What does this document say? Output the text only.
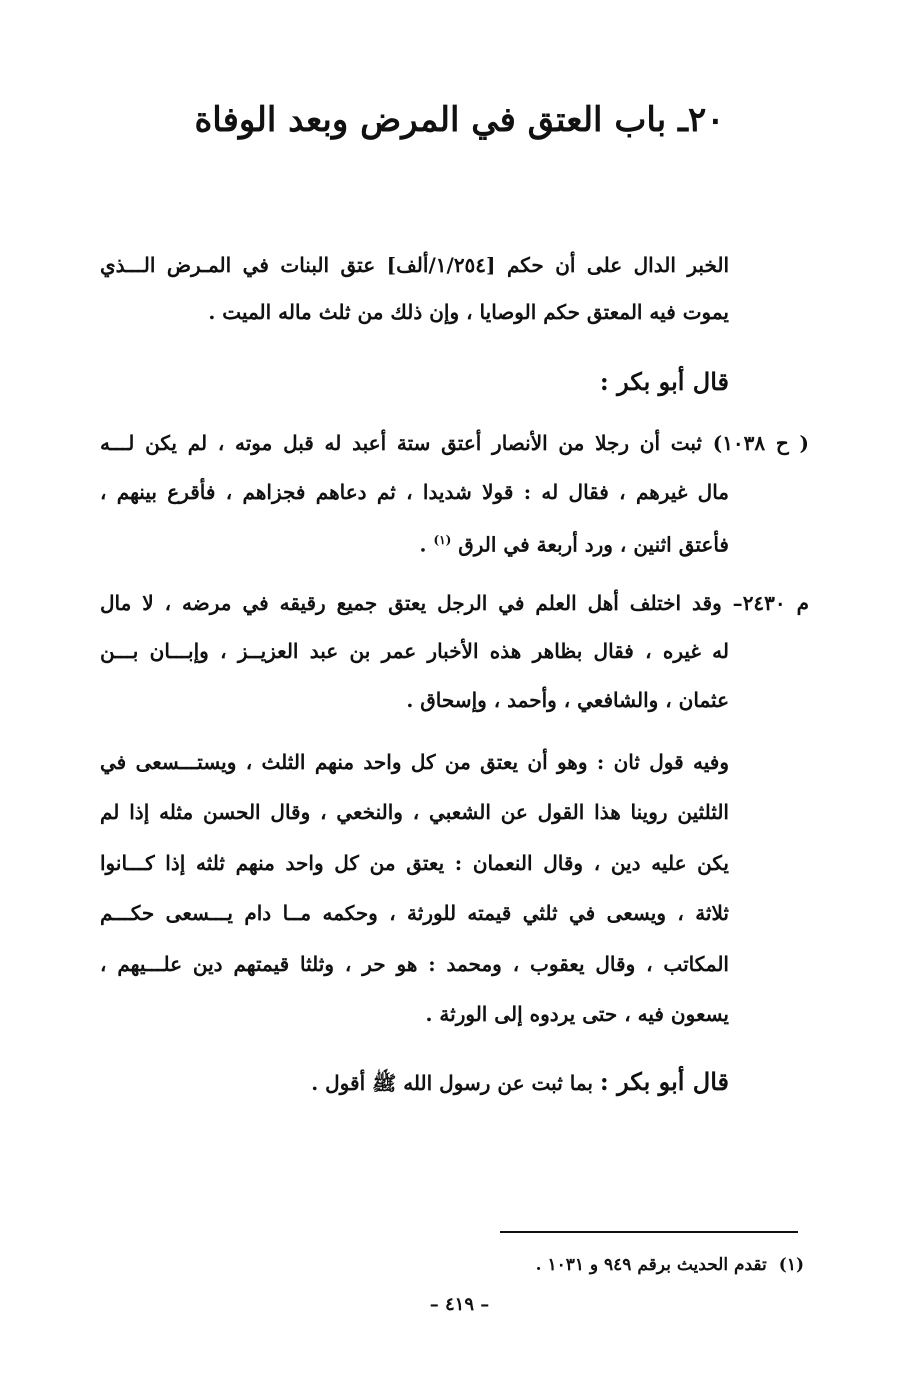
٢٠ـ باب العتق في المرض وبعد الوفاة
الخبر الدال على أن حكم [١/٢٥٤/ألف] عتق البنات في المـرض الـــذي
يموت فيه المعتق حكم الوصايا ، وإن ذلك من ثلث ماله الميت .
قال أبو بكر :
( ح ١٠٣٨) ثبت أن رجلا من الأنصار أعتق ستة أعبد له قبل موته ، لم يكن لـــه
مال غيرهم ، فقال له : قولا شديدا ، ثم دعاهم فجزاهم ، فأقرع بينهم ،
فأعتق اثنين ، ورد أربعة في الرق $^{(١)}$ .
م ٢٤٣٠– وقد اختلف أهل العلم في الرجل يعتق جميع رقيقه في مرضه ، لا مال
له غيره ، فقال بظاهر هذه الأخبار عمر بن عبد العزيــز ، وإبـــان بـــن
عثمان ، والشافعي ، وأحمد ، وإسحاق .
وفيه قول ثان : وهو أن يعتق من كل واحد منهم الثلث ، ويستـــسعى في
الثلثين روينا هذا القول عن الشعبي ، والنخعي ، وقال الحسن مثله إذا لم
يكن عليه دين ، وقال النعمان : يعتق من كل واحد منهم ثلثه إذا كـــانوا
ثلاثة ، ويسعى في ثلثي قيمته للورثة ، وحكمه مــا دام يـــسعى حكـــم
المكاتب ، وقال يعقوب ، ومحمد : هو حر ، وثلثا قيمتهم دين علـــيهم ،
يسعون فيه ، حتى يردوه إلى الورثة .
قال أبو بكر : بما ثبت عن رسول الله ﷺ أقول .
(١)تقدم الحديث برقم ٩٤٩ و ١٠٣١ .
– ٤١٩ –
